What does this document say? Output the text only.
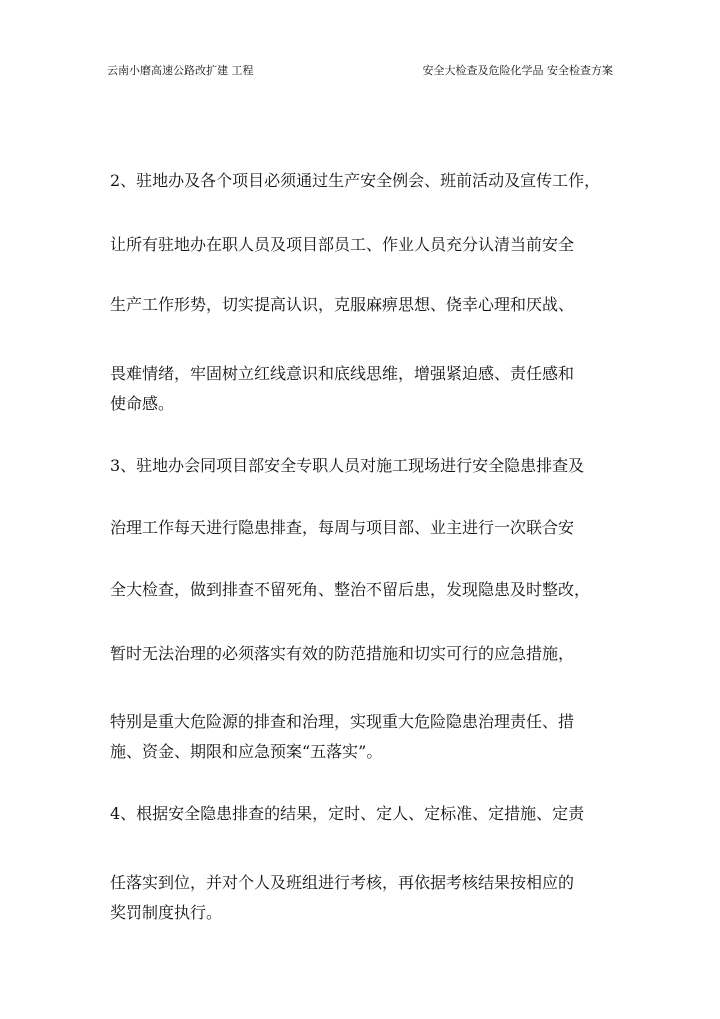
云南小磨高速公路改扩建 工程	安全大检查及危险化学品 安全检查方案
2、驻地办及各个项目必须通过生产安全例会、班前活动及宣传工作，
让所有驻地办在职人员及项目部员工、作业人员充分认清当前安全
生产工作形势，切实提高认识，克服麻痹思想、侥幸心理和厌战、
畏难情绪，牢固树立红线意识和底线思维，增强紧迫感、责任感和
使命感。
3、驻地办会同项目部安全专职人员对施工现场进行安全隐患排查及
治理工作每天进行隐患排查，每周与项目部、业主进行一次联合安
全大检查，做到排查不留死角、整治不留后患，发现隐患及时整改，
暂时无法治理的必须落实有效的防范措施和切实可行的应急措施，
特别是重大危险源的排查和治理，实现重大危险隐患治理责任、措
施、资金、期限和应急预案“五落实”。
4、根据安全隐患排查的结果，定时、定人、定标准、定措施、定责
任落实到位，并对个人及班组进行考核，再依据考核结果按相应的
奖罚制度执行。
